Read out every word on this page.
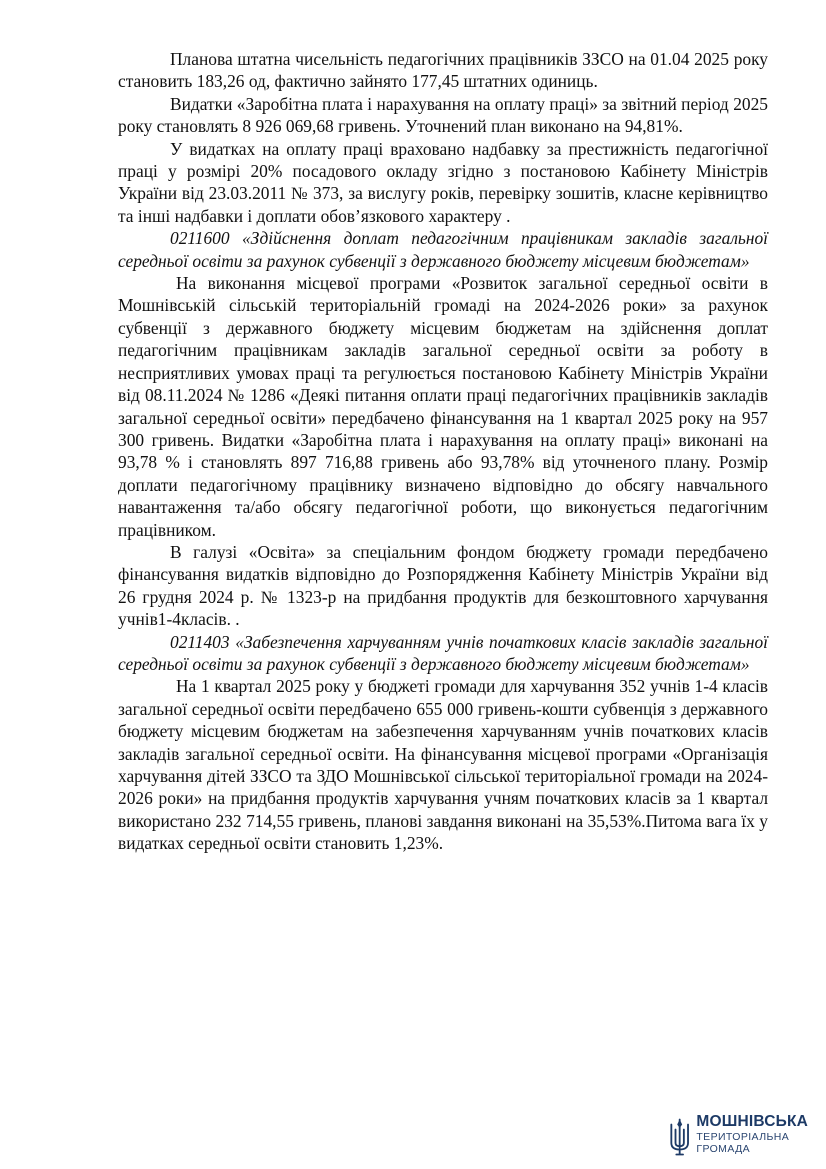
Планова штатна чисельність педагогічних працівників ЗЗСО на 01.04 2025 року становить 183,26 од, фактично зайнято 177,45 штатних одиниць.

Видатки «Заробітна плата і нарахування на оплату праці» за звітний період 2025 року становлять 8 926 069,68 гривень. Уточнений план виконано на 94,81%.

У видатках на оплату праці враховано надбавку за престижність педагогічної праці у розмірі 20% посадового окладу згідно з постановою Кабінету Міністрів України від 23.03.2011 № 373, за вислугу років, перевірку зошитів, класне керівництво та інші надбавки і доплати обов’язкового характеру .

0211600 «Здійснення доплат педагогічним працівникам закладів загальної середньої освіти за рахунок субвенції з державного бюджету місцевим бюджетам»

На виконання місцевої програми «Розвиток загальної середньої освіти в Мошнівській сільській територіальній громаді на 2024-2026 роки» за рахунок субвенції з державного бюджету місцевим бюджетам на здійснення доплат педагогічним працівникам закладів загальної середньої освіти за роботу в несприятливих умовах праці та регулюється постановою Кабінету Міністрів України від 08.11.2024 № 1286 «Деякі питання оплати праці педагогічних працівників закладів загальної середньої освіти» передбачено фінансування на 1 квартал 2025 року на 957 300 гривень. Видатки «Заробітна плата і нарахування на оплату праці» виконані на 93,78 % і становлять 897 716,88 гривень або 93,78% від уточненого плану. Розмір доплати педагогічному працівнику визначено відповідно до обсягу навчального навантаження та/або обсягу педагогічної роботи, що виконується педагогічним працівником.

В галузі «Освіта» за спеціальним фондом бюджету громади передбачено фінансування видатків відповідно до Розпорядження Кабінету Міністрів України від 26 грудня 2024 р. № 1323-р на придбання продуктів для безкоштовного харчування учнів1-4класів. .

0211403 «Забезпечення харчуванням учнів початкових класів закладів загальної середньої освіти за рахунок субвенції з державного бюджету місцевим бюджетам»

На 1 квартал 2025 року у бюджеті громади для харчування 352 учнів 1-4 класів загальної середньої освіти передбачено 655 000 гривень-кошти субвенція з державного бюджету місцевим бюджетам на забезпечення харчуванням учнів початкових класів закладів загальної середньої освіти. На фінансування місцевої програми «Організація харчування дітей ЗЗСО та ЗДО Мошнівської сільської територіальної громади на 2024-2026 роки» на придбання продуктів харчування учням початкових класів за 1 квартал використано 232 714,55 гривень, планові завдання виконані на 35,53%.Питома вага їх у видатках середньої освіти становить 1,23%.

МОШНІВСЬКА
ТЕРИТОРІАЛЬНА
ГРОМАДА
